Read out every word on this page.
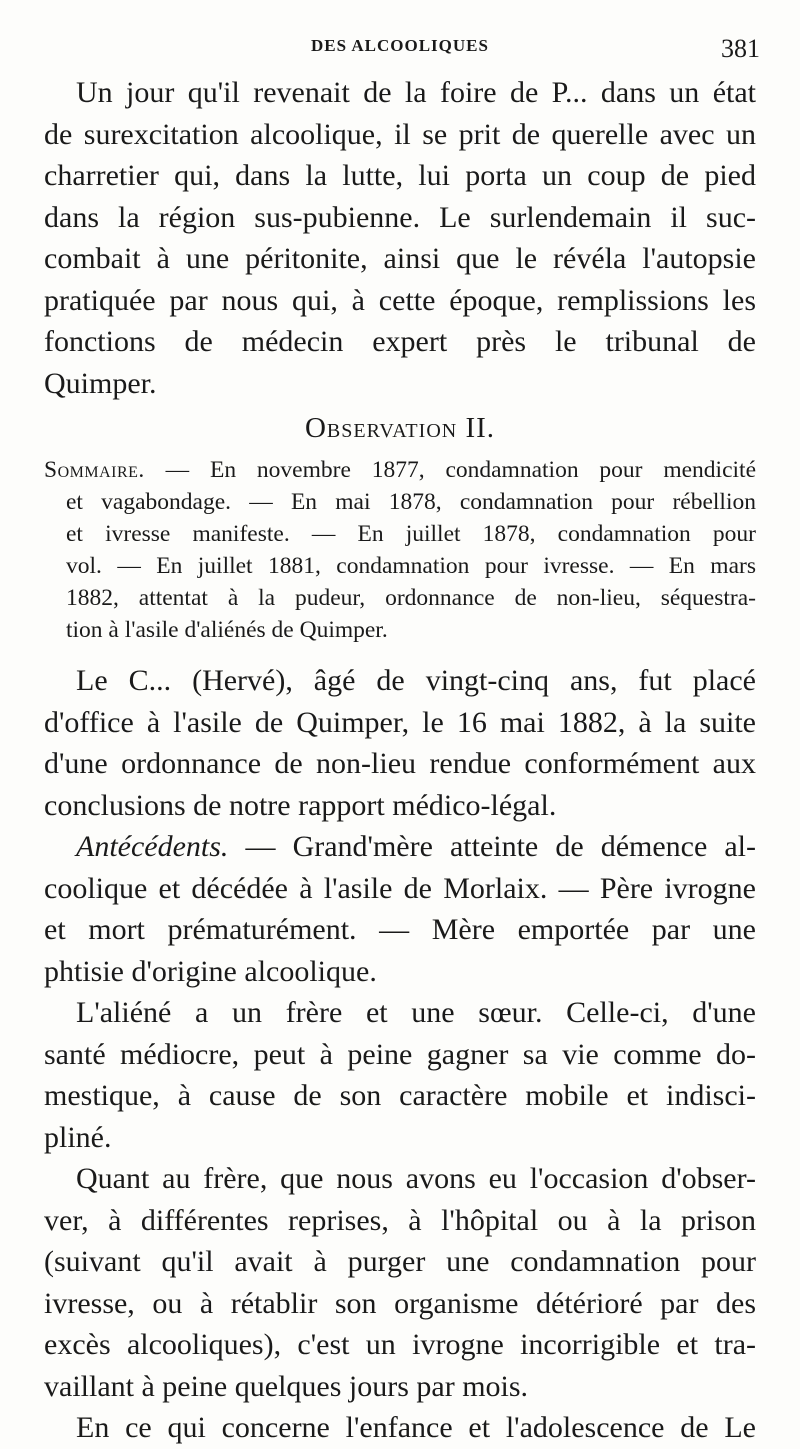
DES ALCOOLIQUES	381
Un jour qu'il revenait de la foire de P... dans un état
de surexcitation alcoolique, il se prit de querelle avec un
charretier qui, dans la lutte, lui porta un coup de pied
dans la région sus-pubienne. Le surlendemain il suc-
combait à une péritonite, ainsi que le révéla l'autopsie
pratiquée par nous qui, à cette époque, remplissions les
fonctions de médecin expert près le tribunal de
Quimper.
Observation II.
Sommaire. — En novembre 1877, condamnation pour mendicité
et vagabondage. — En mai 1878, condamnation pour rébellion
et ivresse manifeste. — En juillet 1878, condamnation pour
vol. — En juillet 1881, condamnation pour ivresse. — En mars
1882, attentat à la pudeur, ordonnance de non-lieu, séquestra-
tion à l'asile d'aliénés de Quimper.
Le C... (Hervé), âgé de vingt-cinq ans, fut placé
d'office à l'asile de Quimper, le 16 mai 1882, à la suite
d'une ordonnance de non-lieu rendue conformément aux
conclusions de notre rapport médico-légal.
Antécédents. — Grand'mère atteinte de démence al-
coolique et décédée à l'asile de Morlaix. — Père ivrogne
et mort prématurément. — Mère emportée par une
phtisie d'origine alcoolique.
L'aliéné a un frère et une sœur. Celle-ci, d'une
santé médiocre, peut à peine gagner sa vie comme do-
mestique, à cause de son caractère mobile et indisci-
pliné.
Quant au frère, que nous avons eu l'occasion d'obser-
ver, à différentes reprises, à l'hôpital ou à la prison
(suivant qu'il avait à purger une condamnation pour
ivresse, ou à rétablir son organisme détérioré par des
excès alcooliques), c'est un ivrogne incorrigible et tra-
vaillant à peine quelques jours par mois.
En ce qui concerne l'enfance et l'adolescence de Le
